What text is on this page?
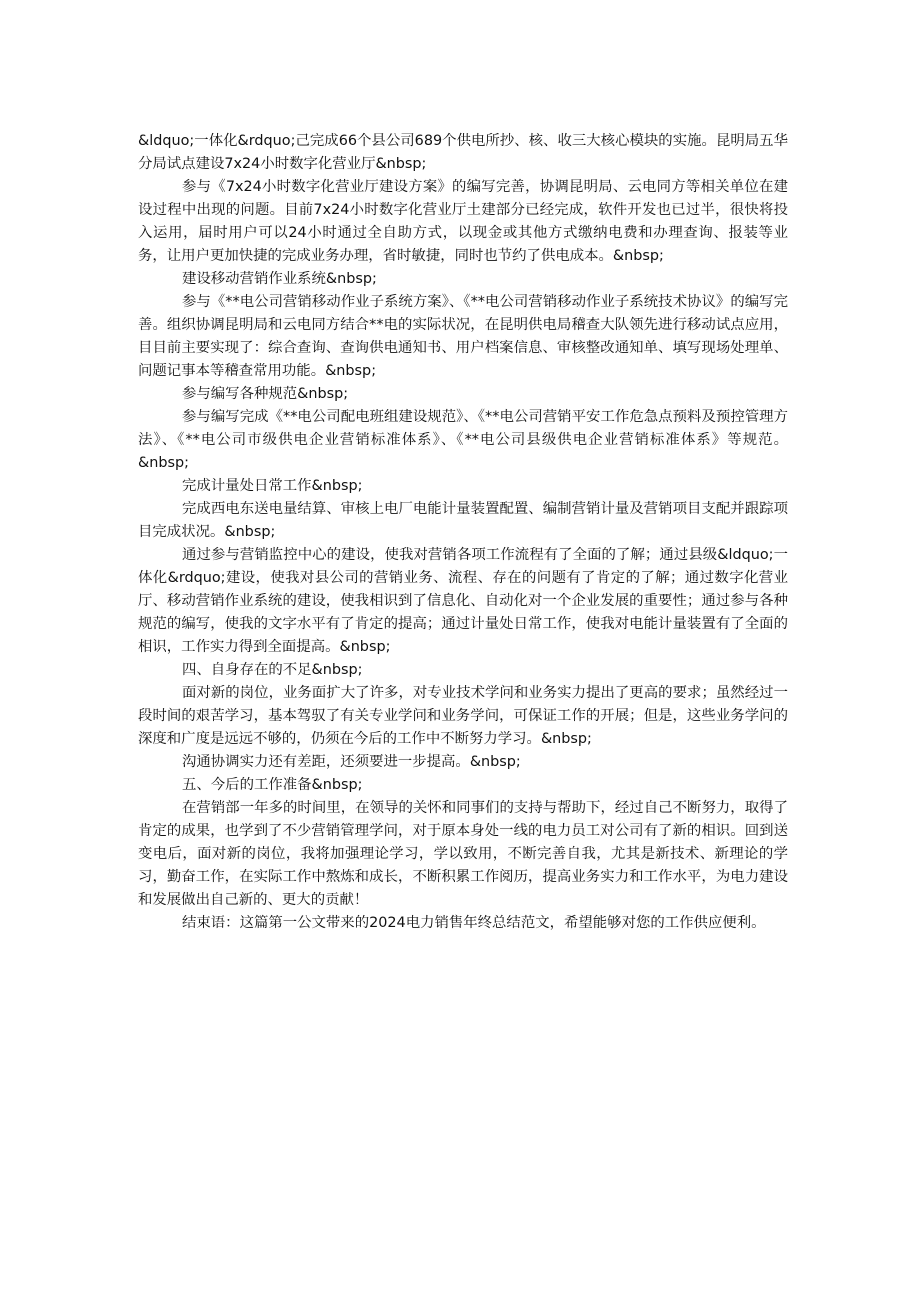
&ldquo;一体化&rdquo;己完成66个县公司689个供电所抄、核、收三大核心模块的实施。昆明局五华分局试点建设7x24小时数字化营业厅&nbsp;

参与《7x24小时数字化营业厅建设方案》的编写完善，协调昆明局、云电同方等相关单位在建设过程中出现的问题。目前7x24小时数字化营业厅土建部分已经完成，软件开发也已过半，很快将投入运用，届时用户可以24小时通过全自助方式，以现金或其他方式缴纳电费和办理查询、报装等业务，让用户更加快捷的完成业务办理，省时敏捷，同时也节约了供电成本。&nbsp;

建设移动营销作业系统&nbsp;

参与《**电公司营销移动作业子系统方案》、《**电公司营销移动作业子系统技术协议》的编写完善。组织协调昆明局和云电同方结合**电的实际状况，在昆明供电局稽查大队领先进行移动试点应用，目目前主要实现了：综合查询、查询供电通知书、用户档案信息、审核整改通知单、填写现场处理单、问题记事本等稽查常用功能。&nbsp;

参与编写各种规范&nbsp;

参与编写完成《**电公司配电班组建设规范》、《**电公司营销平安工作危急点预料及预控管理方法》、《**电公司市级供电企业营销标准体系》、《**电公司县级供电企业营销标准体系》等规范。&nbsp;

完成计量处日常工作&nbsp;

完成西电东送电量结算、审核上电厂电能计量装置配置、编制营销计量及营销项目支配并跟踪项目完成状况。&nbsp;

通过参与营销监控中心的建设，使我对营销各项工作流程有了全面的了解；通过县级&ldquo;一体化&rdquo;建设，使我对县公司的营销业务、流程、存在的问题有了肯定的了解；通过数字化营业厅、移动营销作业系统的建设，使我相识到了信息化、自动化对一个企业发展的重要性；通过参与各种规范的编写，使我的文字水平有了肯定的提高；通过计量处日常工作，使我对电能计量装置有了全面的相识，工作实力得到全面提高。&nbsp;

四、自身存在的不足&nbsp;

面对新的岗位，业务面扩大了许多，对专业技术学问和业务实力提出了更高的要求；虽然经过一段时间的艰苦学习，基本驾驭了有关专业学问和业务学问，可保证工作的开展；但是，这些业务学问的深度和广度是远远不够的，仍须在今后的工作中不断努力学习。&nbsp;

沟通协调实力还有差距，还须要进一步提高。&nbsp;

五、今后的工作准备&nbsp;

在营销部一年多的时间里，在领导的关怀和同事们的支持与帮助下，经过自己不断努力，取得了肯定的成果，也学到了不少营销管理学问，对于原本身处一线的电力员工对公司有了新的相识。回到送变电后，面对新的岗位，我将加强理论学习，学以致用，不断完善自我，尤其是新技术、新理论的学习，勤奋工作，在实际工作中熬炼和成长，不断积累工作阅历，提高业务实力和工作水平，为电力建设和发展做出自己新的、更大的贡献！

结束语：这篇第一公文带来的2024电力销售年终总结范文，希望能够对您的工作供应便利。
